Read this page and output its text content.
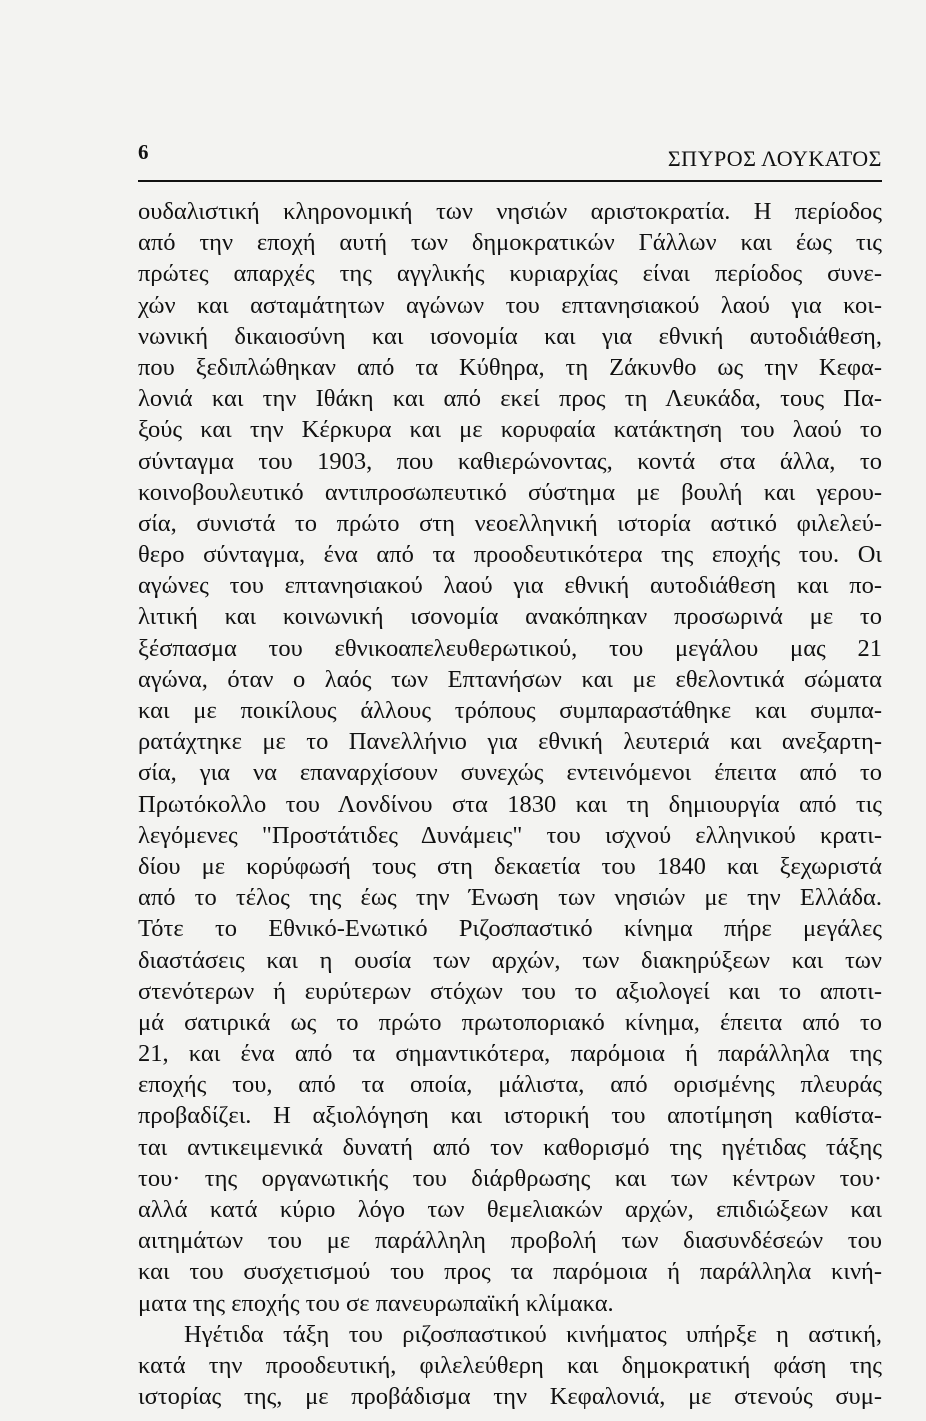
6	ΣΠΥΡΟΣ ΛΟΥΚΑΤΟΣ
ουδαλιστική κληρονομική των νησιών αριστοκρατία. Η περίοδος
από την εποχή αυτή των δημοκρατικών Γάλλων και έως τις
πρώτες απαρχές της αγγλικής κυριαρχίας είναι περίοδος συνε-
χών και ασταμάτητων αγώνων του επτανησιακού λαού για κοι-
νωνική δικαιοσύνη και ισονομία και για εθνική αυτοδιάθεση,
που ξεδιπλώθηκαν από τα Κύθηρα, τη Ζάκυνθο ως την Κεφα-
λονιά και την Ιθάκη και από εκεί προς τη Λευκάδα, τους Πα-
ξούς και την Κέρκυρα και με κορυφαία κατάκτηση του λαού το
σύνταγμα του 1903, που καθιερώνοντας, κοντά στα άλλα, το
κοινοβουλευτικό αντιπροσωπευτικό σύστημα με βουλή και γερου-
σία, συνιστά το πρώτο στη νεοελληνική ιστορία αστικό φιλελεύ-
θερο σύνταγμα, ένα από τα προοδευτικότερα της εποχής του. Οι
αγώνες του επτανησιακού λαού για εθνική αυτοδιάθεση και πο-
λιτική και κοινωνική ισονομία ανακόπηκαν προσωρινά με το
ξέσπασμα του εθνικοαπελευθερωτικού, του μεγάλου μας 21
αγώνα, όταν ο λαός των Επτανήσων και με εθελοντικά σώματα
και με ποικίλους άλλους τρόπους συμπαραστάθηκε και συμπα-
ρατάχτηκε με το Πανελλήνιο για εθνική λευτεριά και ανεξαρτη-
σία, για να επαναρχίσουν συνεχώς εντεινόμενοι έπειτα από το
Πρωτόκολλο του Λονδίνου στα 1830 και τη δημιουργία από τις
λεγόμενες "Προστάτιδες Δυνάμεις" του ισχνού ελληνικού κρατι-
δίου με κορύφωσή τους στη δεκαετία του 1840 και ξεχωριστά
από το τέλος της έως την Ένωση των νησιών με την Ελλάδα.
Τότε το Εθνικό-Ενωτικό Ριζοσπαστικό κίνημα πήρε μεγάλες
διαστάσεις και η ουσία των αρχών, των διακηρύξεων και των
στενότερων ή ευρύτερων στόχων του το αξιολογεί και το αποτι-
μά σατιρικά ως το πρώτο πρωτοποριακό κίνημα, έπειτα από το
21, και ένα από τα σημαντικότερα, παρόμοια ή παράλληλα της
εποχής του, από τα οποία, μάλιστα, από ορισμένης πλευράς
προβαδίζει. Η αξιολόγηση και ιστορική του αποτίμηση καθίστα-
ται αντικειμενικά δυνατή από τον καθορισμό της ηγέτιδας τάξης
του· της οργανωτικής του διάρθρωσης και των κέντρων του·
αλλά κατά κύριο λόγο των θεμελιακών αρχών, επιδιώξεων και
αιτημάτων του με παράλληλη προβολή των διασυνδέσεών του
και του συσχετισμού του προς τα παρόμοια ή παράλληλα κινή-
ματα της εποχής του σε πανευρωπαϊκή κλίμακα.
Ηγέτιδα τάξη του ριζοσπαστικού κινήματος υπήρξε η αστική,
κατά την προοδευτική, φιλελεύθερη και δημοκρατική φάση της
ιστορίας της, με προβάδισμα την Κεφαλονιά, με στενούς συμ-
